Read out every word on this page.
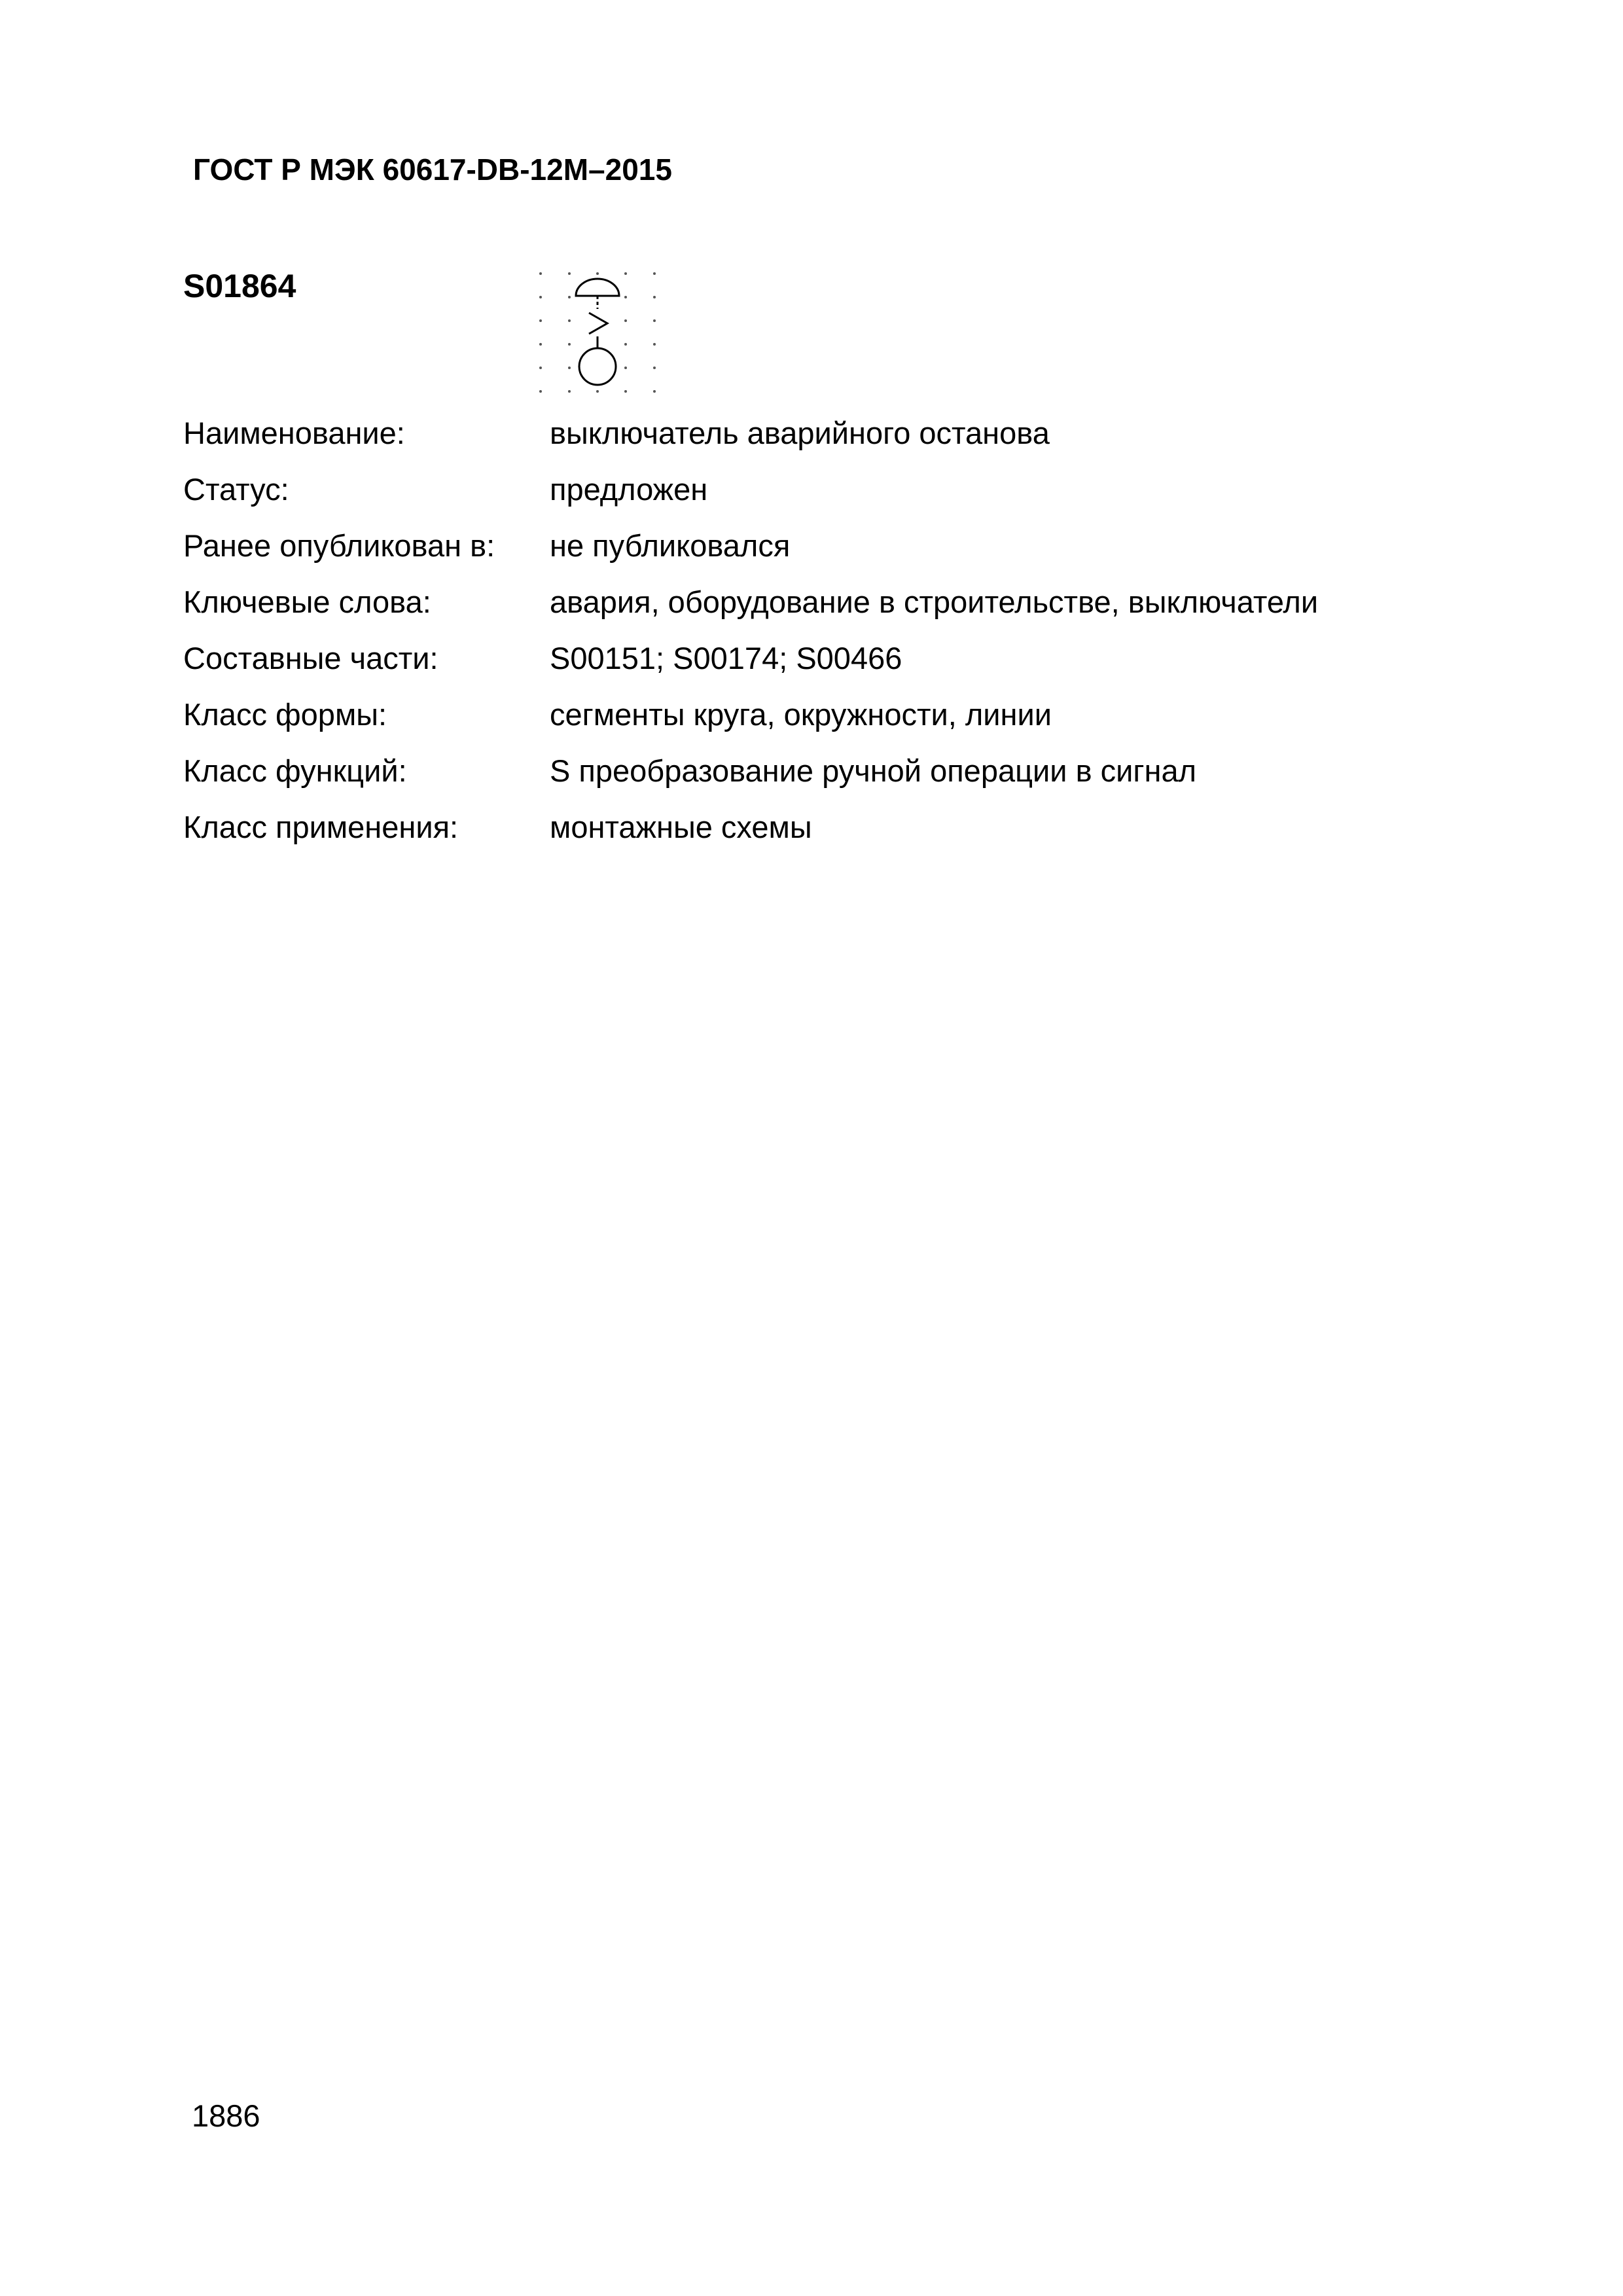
ГОСТ Р МЭК 60617-DB-12M–2015
S01864
Наименование:	выключатель аварийного останова
Статус:	предложен
Ранее опубликован в:	не публиковался
Ключевые слова:	авария, оборудование в строительстве, выключатели
Составные части:	S00151; S00174; S00466
Класс формы:	сегменты круга, окружности, линии
Класс функций:	S преобразование ручной операции в сигнал
Класс применения:	монтажные схемы
1886
